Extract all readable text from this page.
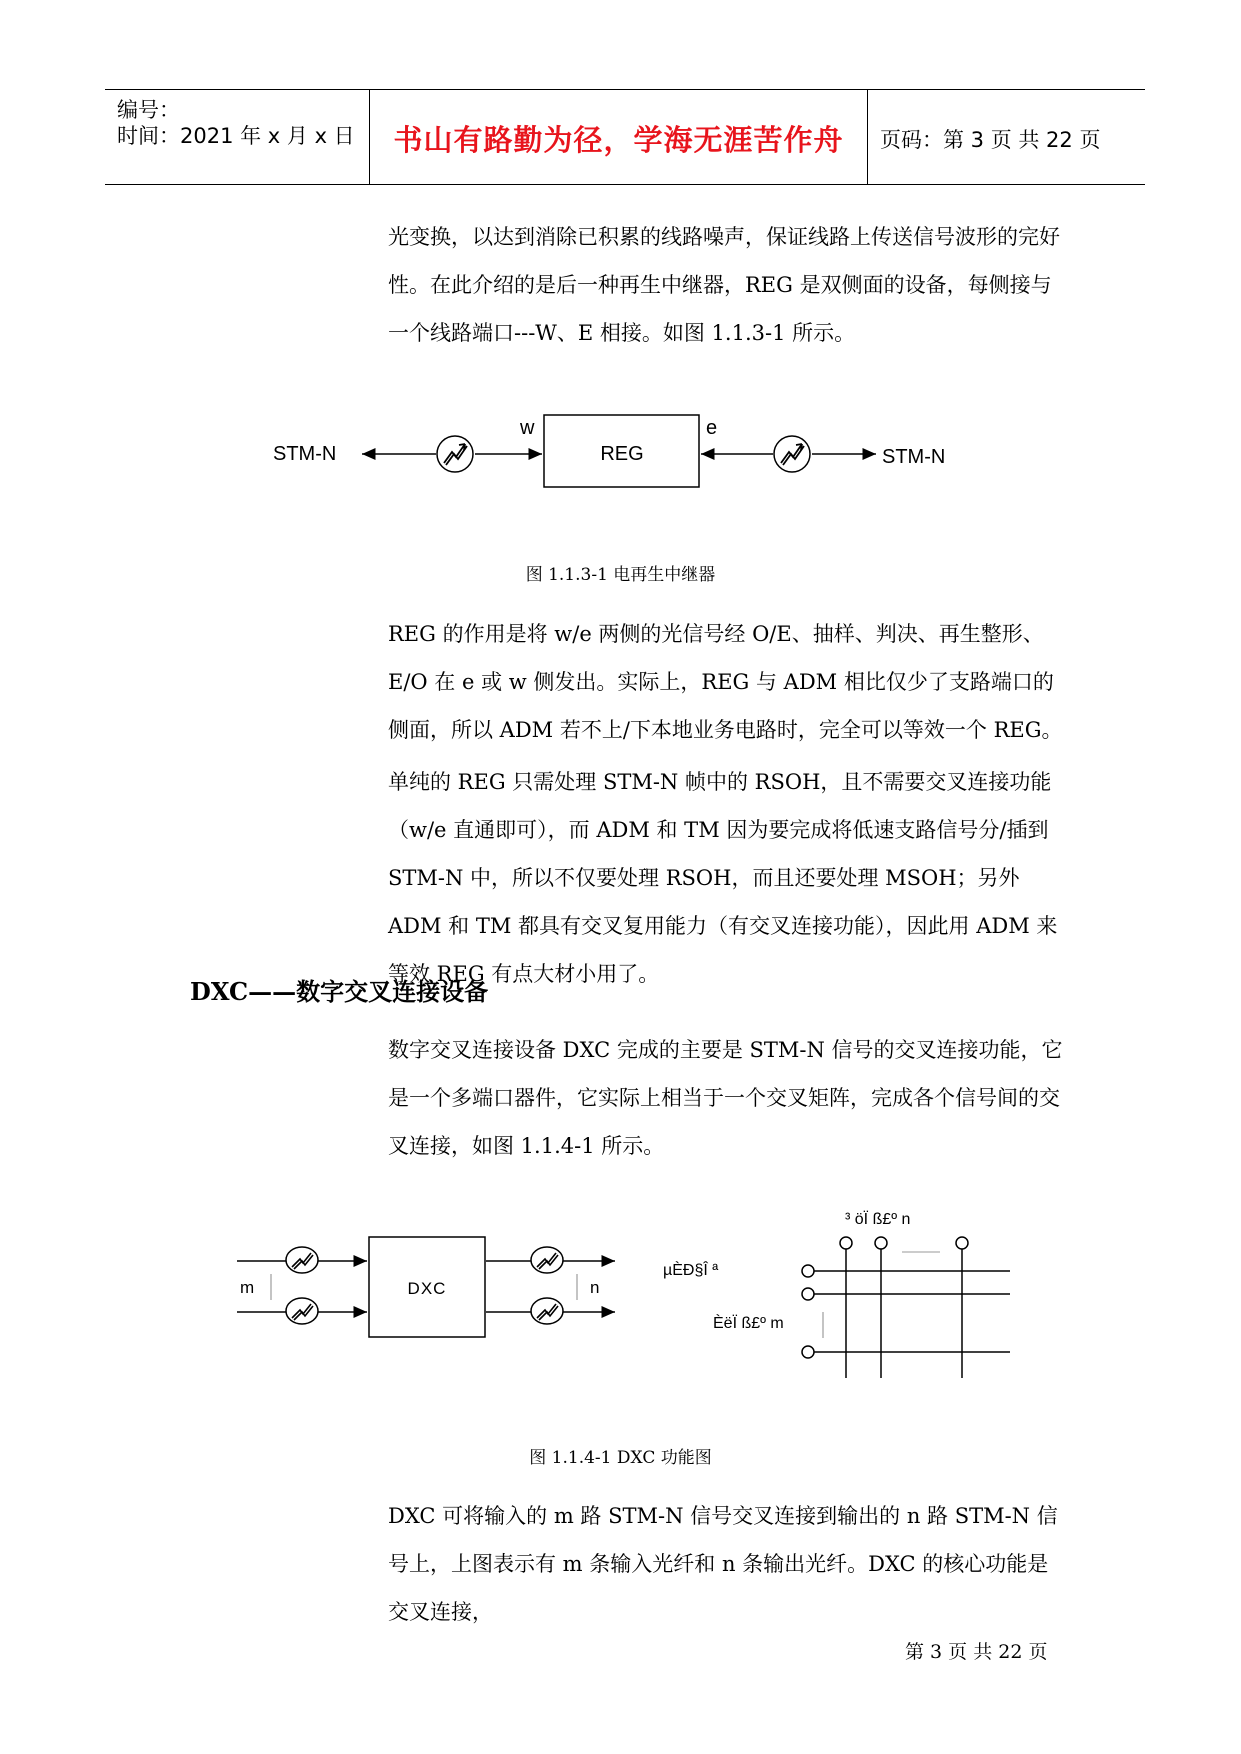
编号：
时间：2021 年 x 月 x 日	书山有路勤为径，学海无涯苦作舟	页码：第 3 页 共 22 页

光变换，以达到消除已积累的线路噪声，保证线路上传送信号波形的完好性。在此介绍的是后一种再生中继器，REG 是双侧面的设备，每侧接与一个线路端口---W、E 相接。如图 1.1.3-1 所示。

STM-N	REG
w	e
STM-N
图 1.1.3-1 电再生中继器

REG 的作用是将 w/e 两侧的光信号经 O/E、抽样、判决、再生整形、E/O 在 e 或 w 侧发出。实际上，REG 与 ADM 相比仅少了支路端口的侧面，所以 ADM 若不上/下本地业务电路时，完全可以等效一个 REG。

单纯的 REG 只需处理 STM-N 帧中的 RSOH，且不需要交叉连接功能（w/e 直通即可），而 ADM 和 TM 因为要完成将低速支路信号分/插到 STM-N 中，所以不仅要处理 RSOH，而且还要处理 MSOH；另外 ADM 和 TM 都具有交叉复用能力（有交叉连接功能），因此用 ADM 来等效 REG 有点大材小用了。

DXC——数字交叉连接设备

数字交叉连接设备 DXC 完成的主要是 STM-N 信号的交叉连接功能，它是一个多端口器件，它实际上相当于一个交叉矩阵，完成各个信号间的交叉连接，如图 1.1.4-1 所示。

m	DXC	n
µÈÐ§Î ª
³ öÏ ß£º n
ÈëÏ ß£º m
图 1.1.4-1 DXC 功能图

DXC 可将输入的 m 路 STM-N 信号交叉连接到输出的 n 路 STM-N 信号上，上图表示有 m 条输入光纤和 n 条输出光纤。DXC 的核心功能是交叉连接，

第 3 页 共 22 页
